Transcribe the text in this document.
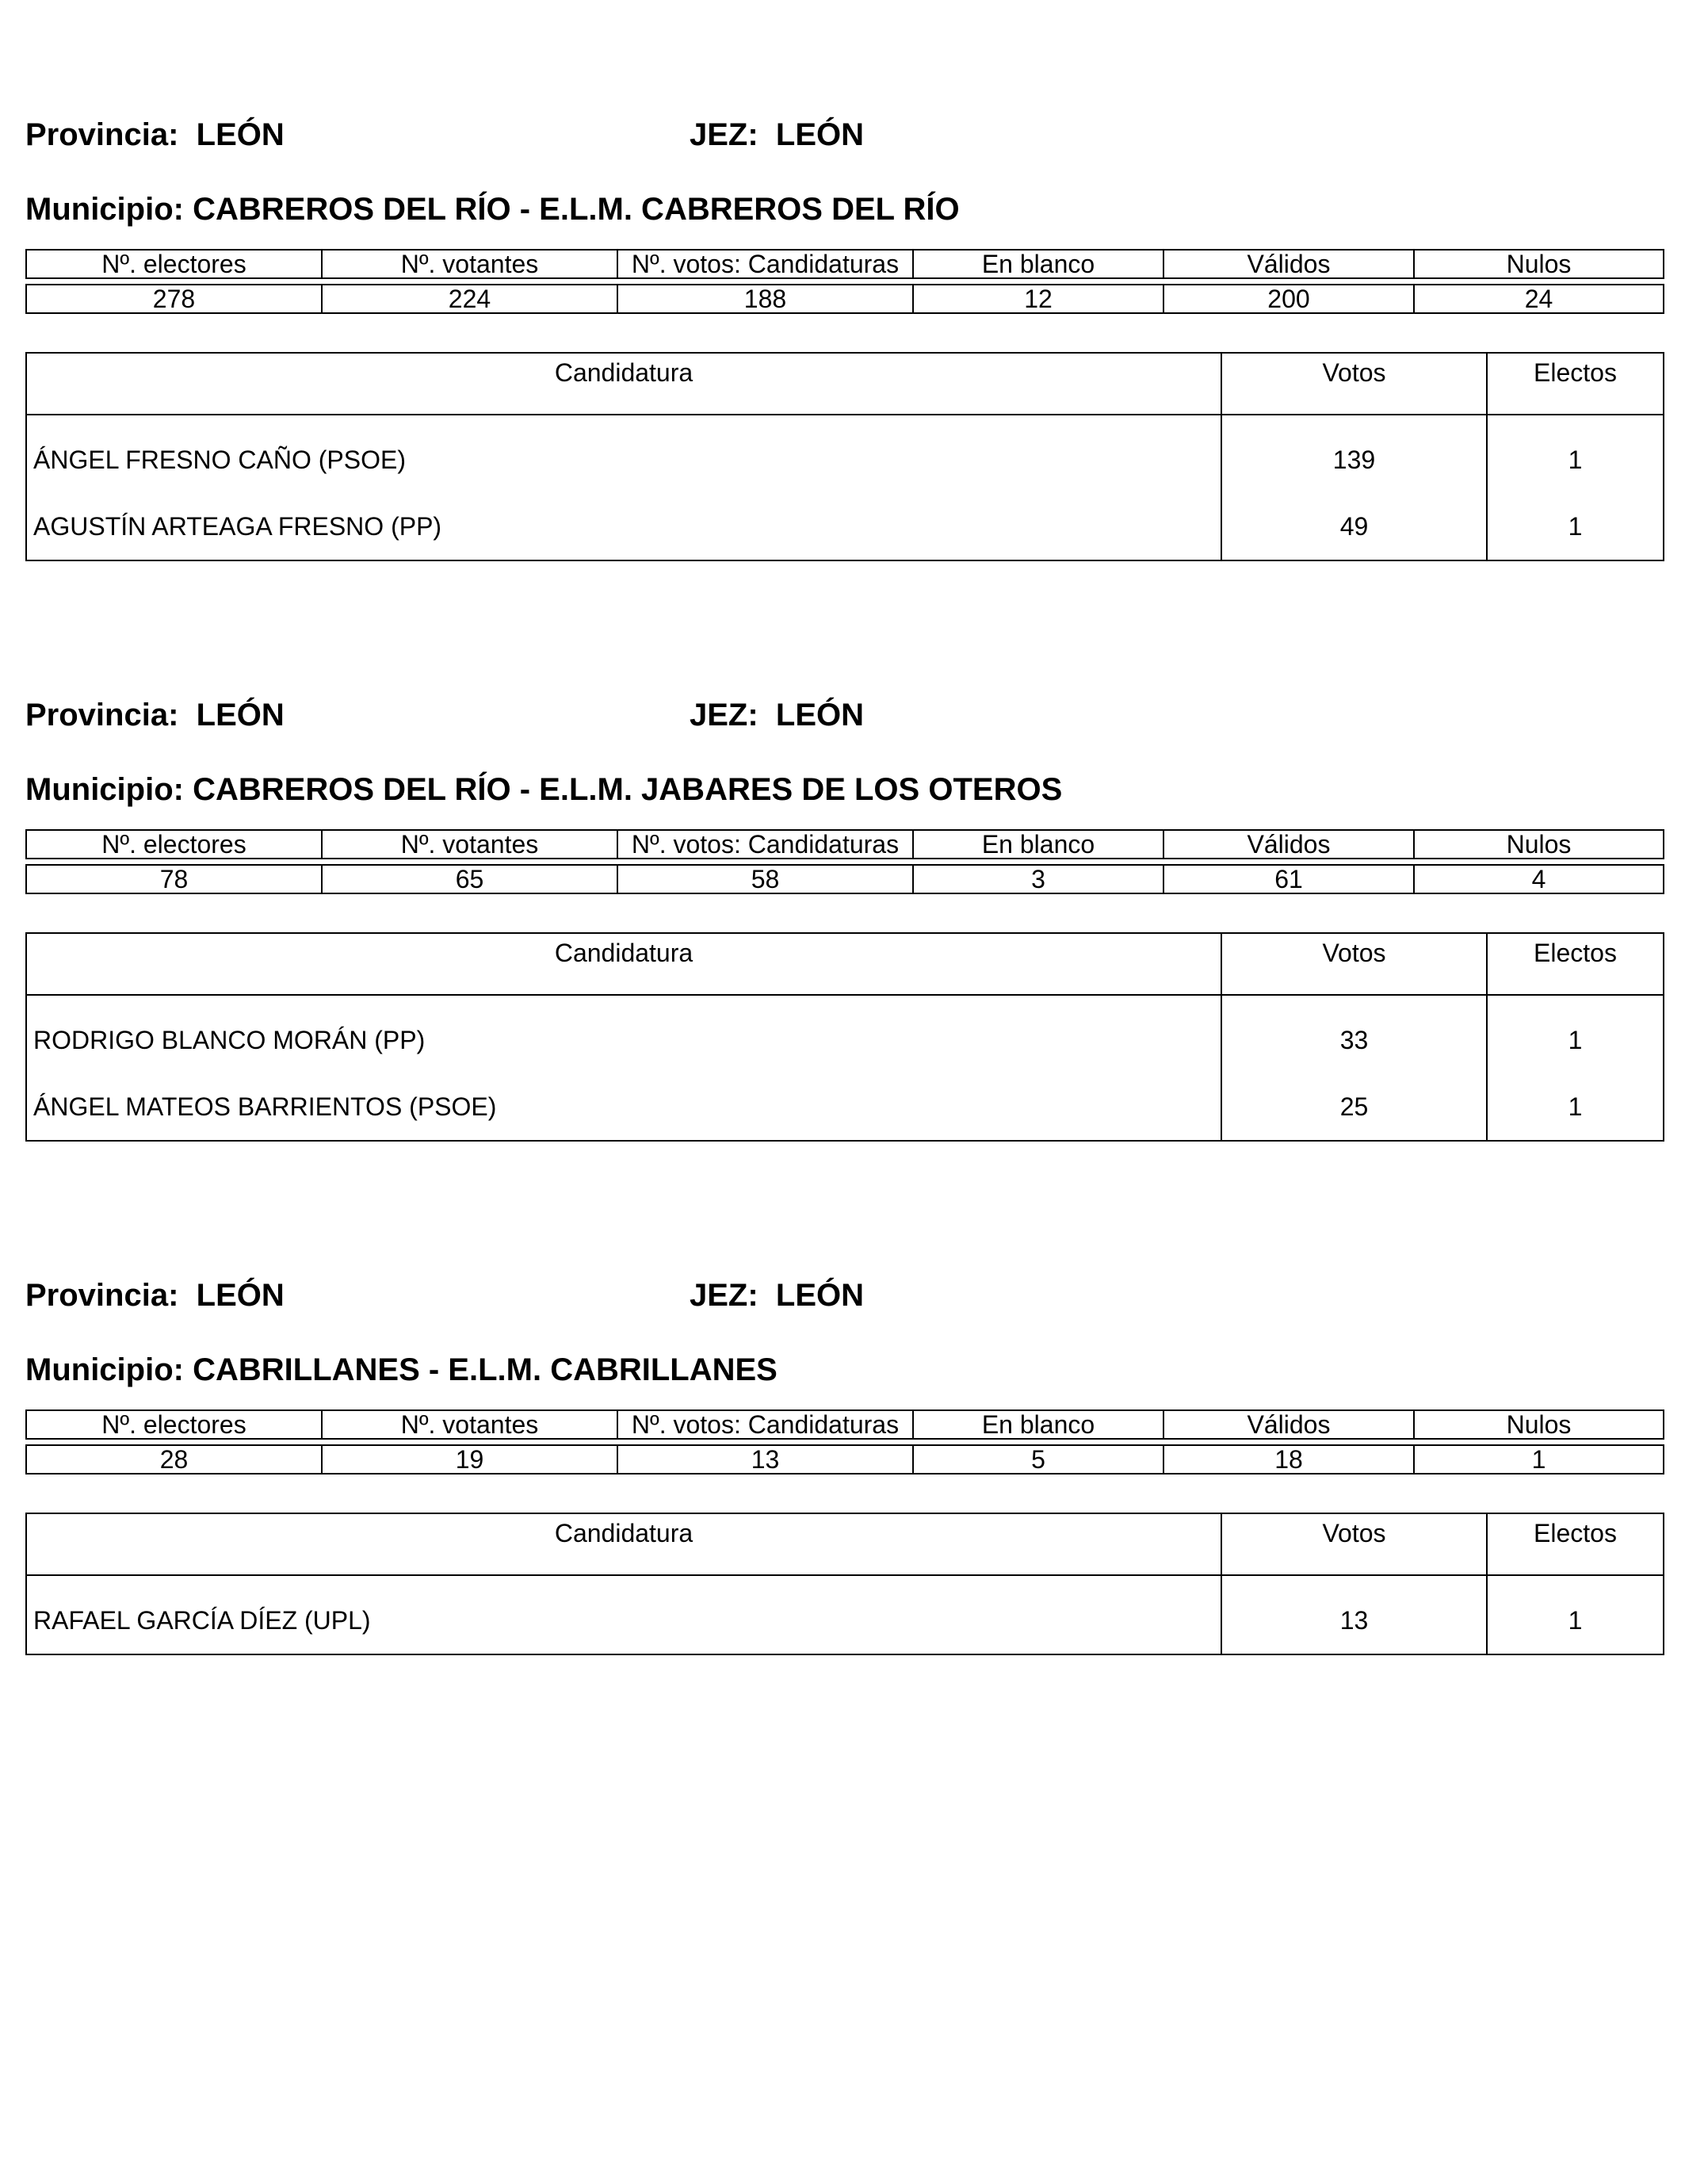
Provincia: LEÓN	JEZ: LEÓN
Municipio: CABREROS DEL RÍO - E.L.M. CABREROS DEL RÍO
Nº. electores	Nº. votantes	Nº. votos: Candidaturas	En blanco	Válidos	Nulos

278	224	188	12	200	24
Candidatura	Votos	Electos
ÁNGEL FRESNO CAÑO (PSOE)	139	1
AGUSTÍN ARTEAGA FRESNO (PP)	49	1
Provincia: LEÓN	JEZ: LEÓN
Municipio: CABREROS DEL RÍO - E.L.M. JABARES DE LOS OTEROS
Nº. electores	Nº. votantes	Nº. votos: Candidaturas	En blanco	Válidos	Nulos

78	65	58	3	61	4
Candidatura	Votos	Electos
RODRIGO BLANCO MORÁN (PP)	33	1
ÁNGEL MATEOS BARRIENTOS (PSOE)	25	1
Provincia: LEÓN	JEZ: LEÓN
Municipio: CABRILLANES - E.L.M. CABRILLANES
Nº. electores	Nº. votantes	Nº. votos: Candidaturas	En blanco	Válidos	Nulos

28	19	13	5	18	1
Candidatura	Votos	Electos
RAFAEL GARCÍA DÍEZ (UPL)	13	1
